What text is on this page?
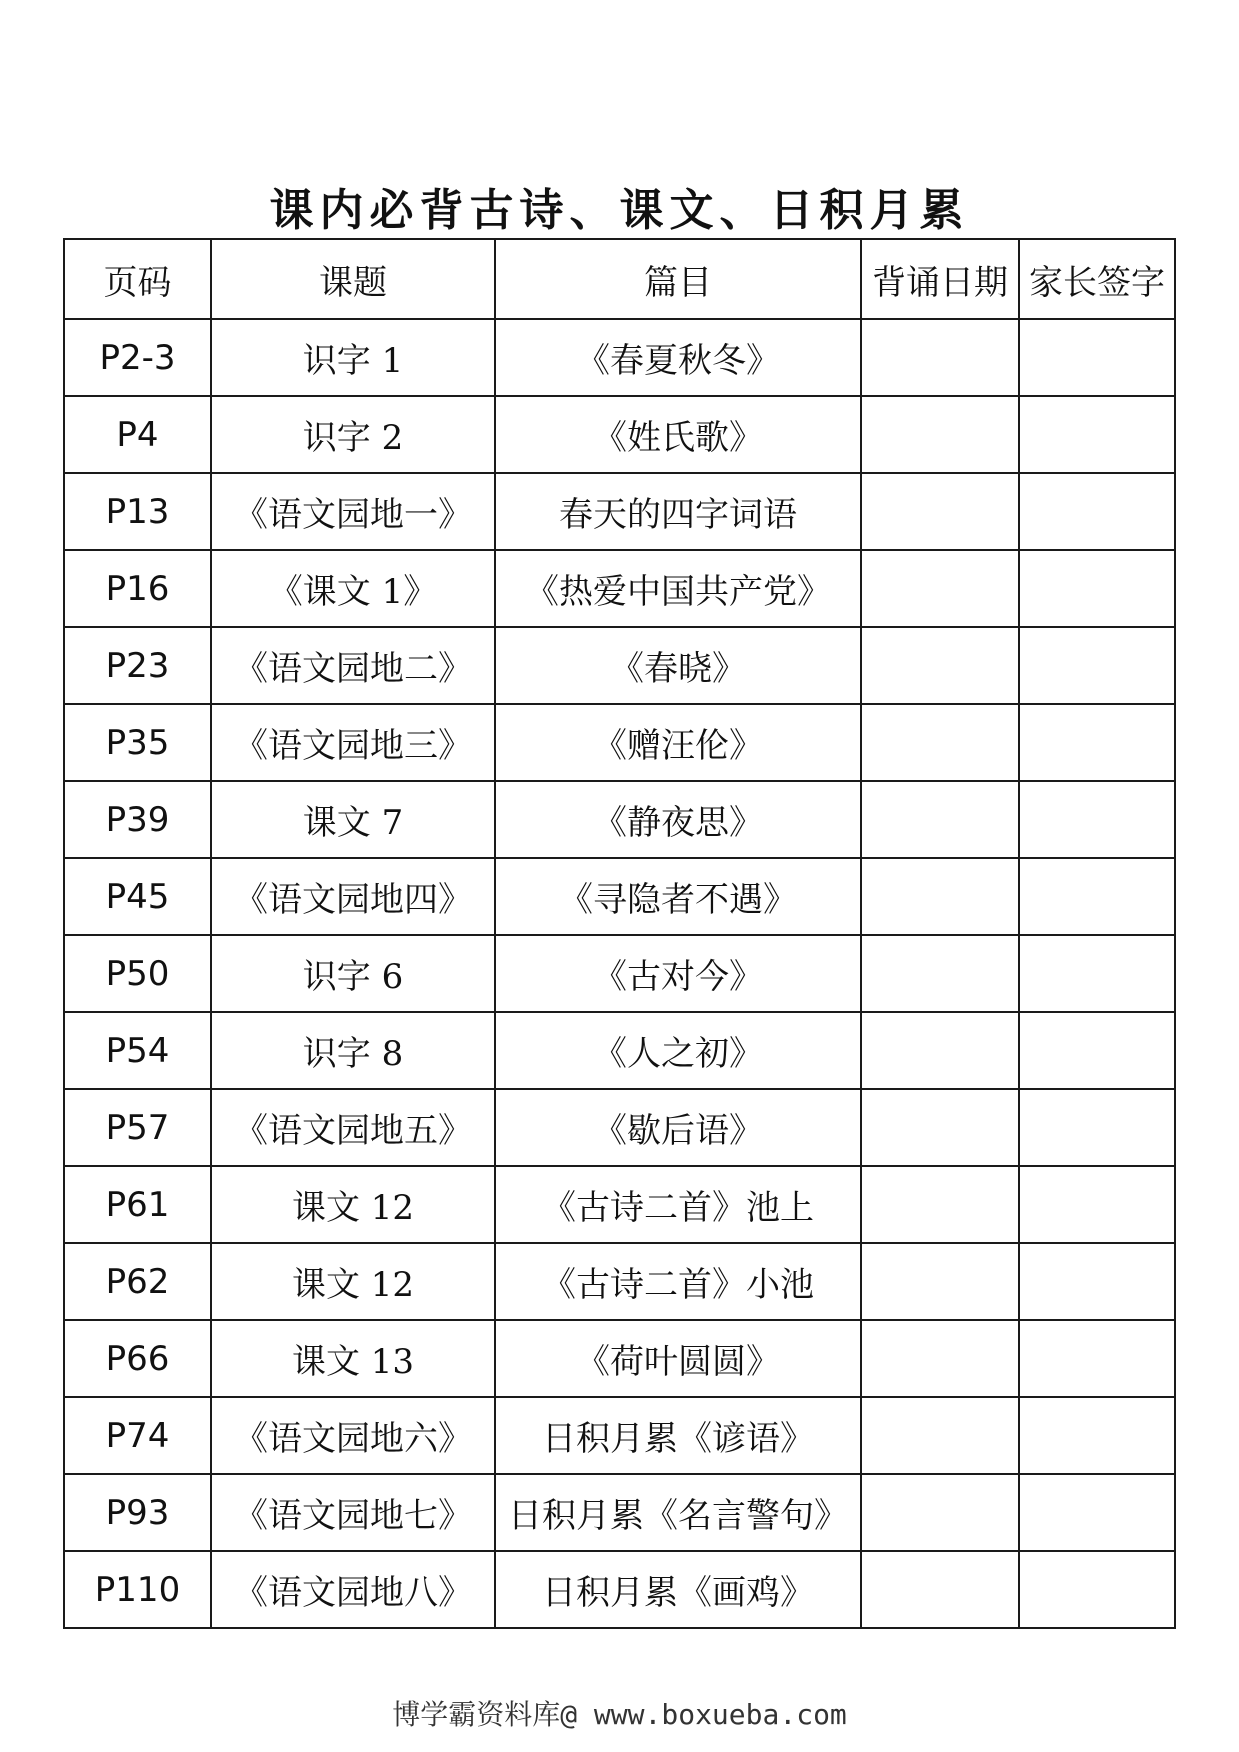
课内必背古诗、课文、日积月累
页码	课题	篇目	背诵日期	家长签字
P2-3	识字 1	《春夏秋冬》		
P4	识字 2	《姓氏歌》		
P13	《语文园地一》	春天的四字词语		
P16	《课文 1》	《热爱中国共产党》		
P23	《语文园地二》	《春晓》		
P35	《语文园地三》	《赠汪伦》		
P39	课文 7	《静夜思》		
P45	《语文园地四》	《寻隐者不遇》		
P50	识字 6	《古对今》		
P54	识字 8	《人之初》		
P57	《语文园地五》	《歇后语》		
P61	课文 12	《古诗二首》池上		
P62	课文 12	《古诗二首》小池		
P66	课文 13	《荷叶圆圆》		
P74	《语文园地六》	日积月累《谚语》		
P93	《语文园地七》	日积月累《名言警句》		
P110	《语文园地八》	日积月累《画鸡》		
博学霸资料库@ www.boxueba.com
